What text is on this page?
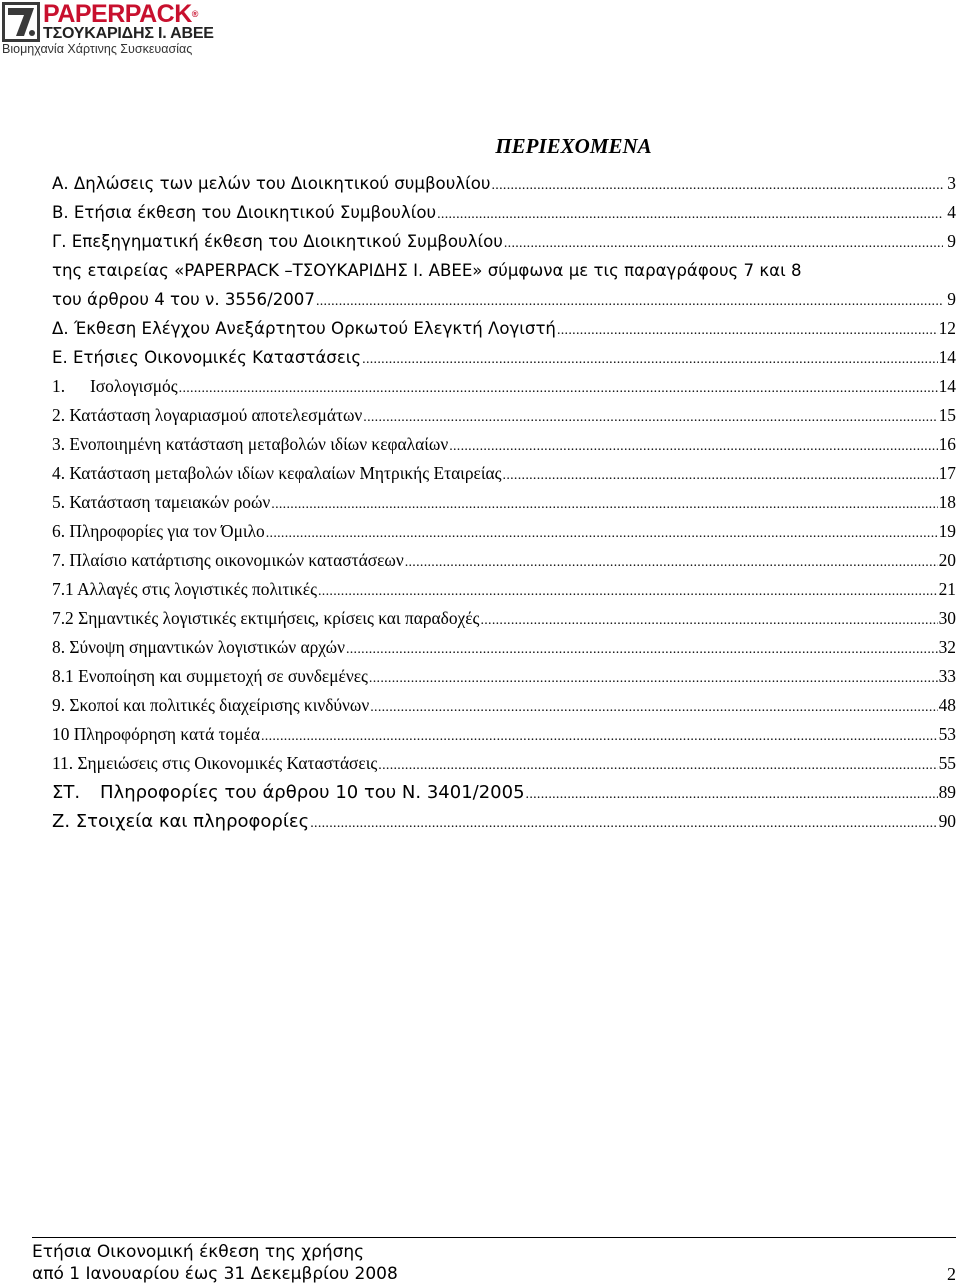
PAPERPACK®
ΤΣΟΥΚΑΡΙΔΗΣ Ι. ΑΒΕΕ
Βιομηχανία Χάρτινης Συσκευασίας
ΠΕΡΙΕΧΟΜΕΝΑ
Α. Δηλώσεις των μελών του Διοικητικού συμβουλίου .....	3
Β. Ετήσια έκθεση του Διοικητικού Συμβουλίου .....	4
Γ. Επεξηγηματική έκθεση του Διοικητικού Συμβουλίου .....	9
της εταιρείας «PAPERPACK –ΤΣΟΥΚΑΡΙΔΗΣ Ι. ΑΒΕΕ» σύμφωνα με τις παραγράφους 7 και 8
του άρθρου 4 του ν. 3556/2007 .....	9
Δ. Έκθεση Ελέγχου Ανεξάρτητου Ορκωτού Ελεγκτή Λογιστή .....	12
Ε. Ετήσιες Οικονομικές Καταστάσεις .....	14
1.	Ισολογισμός .....	14
2. Κατάσταση λογαριασμού αποτελεσμάτων .....	15
3. Ενοποιημένη κατάσταση μεταβολών ιδίων κεφαλαίων .....	16
4. Κατάσταση μεταβολών ιδίων κεφαλαίων Μητρικής Εταιρείας .....	17
5. Κατάσταση ταμειακών ροών .....	18
6. Πληροφορίες για τον Όμιλο .....	19
7. Πλαίσιο κατάρτισης οικονομικών καταστάσεων .....	20
7.1 Αλλαγές στις λογιστικές πολιτικές .....	21
7.2 Σημαντικές λογιστικές εκτιμήσεις, κρίσεις και παραδοχές .....	30
8. Σύνοψη σημαντικών λογιστικών αρχών .....	32
8.1 Ενοποίηση και συμμετοχή σε συνδεμένες .....	33
9. Σκοποί και πολιτικές διαχείρισης κινδύνων .....	48
10 Πληροφόρηση κατά τομέα .....	53
11. Σημειώσεις στις Οικονομικές Καταστάσεις .....	55
ΣΤ.	Πληροφορίες του άρθρου 10 του Ν. 3401/2005 .....	89
Ζ. Στοιχεία και πληροφορίες .....	90
Ετήσια Οικονομική έκθεση της χρήσης
από 1 Ιανουαρίου έως 31 Δεκεμβρίου 2008	2
